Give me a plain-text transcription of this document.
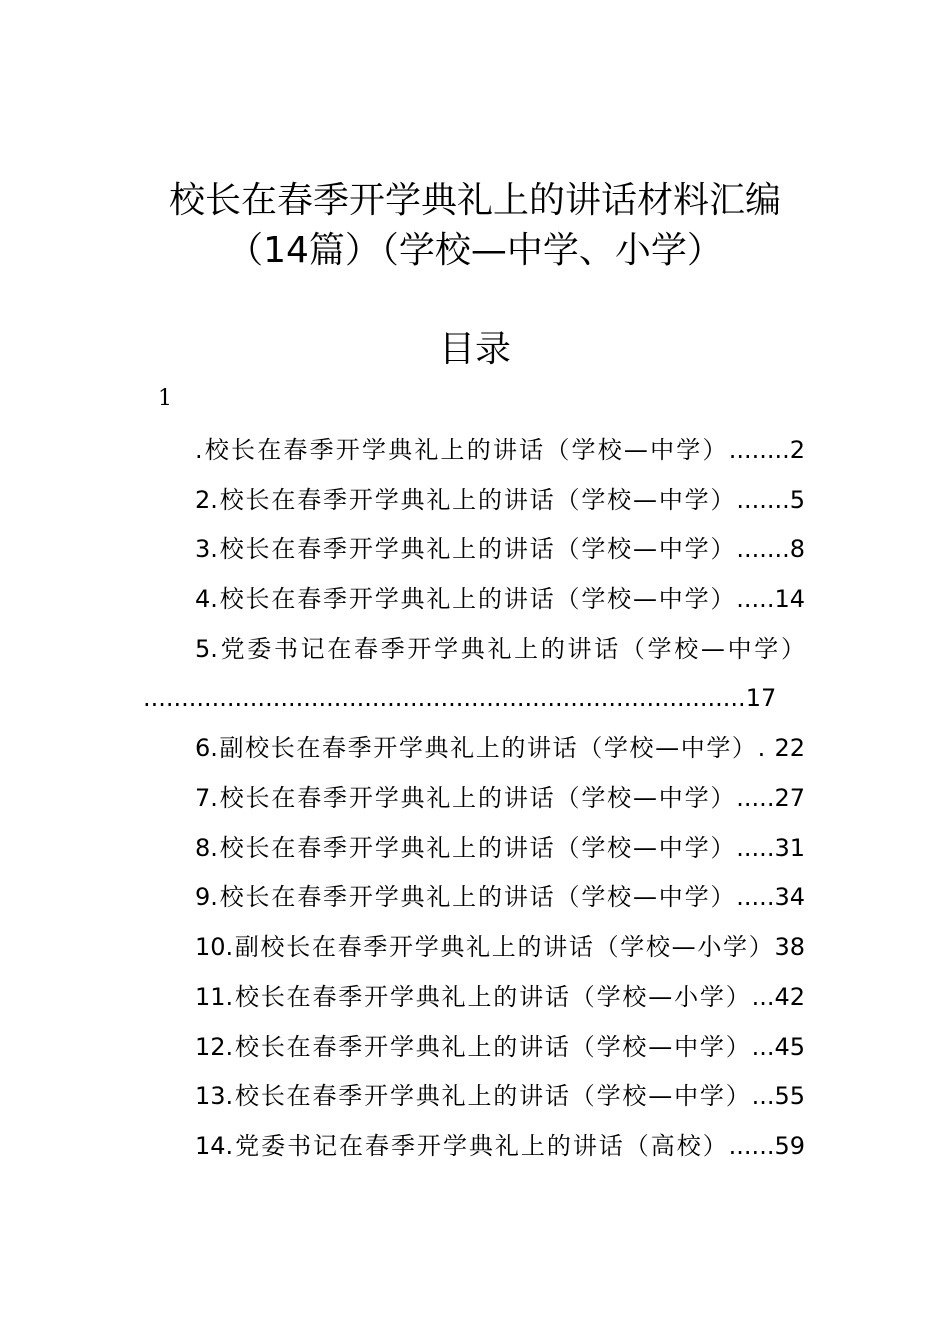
校长在春季开学典礼上的讲话材料汇编
（14篇）（学校—中学、小学）
目录
1
.校长在春季开学典礼上的讲话（学校—中学）........2
2.校长在春季开学典礼上的讲话（学校—中学）.......5
3.校长在春季开学典礼上的讲话（学校—中学）.......8
4.校长在春季开学典礼上的讲话（学校—中学）.....14
5.党委书记在春季开学典礼上的讲话（学校—中学）
...............................................................................17
6.副校长在春季开学典礼上的讲话（学校—中学）. 22
7.校长在春季开学典礼上的讲话（学校—中学）.....27
8.校长在春季开学典礼上的讲话（学校—中学）.....31
9.校长在春季开学典礼上的讲话（学校—中学）.....34
10.副校长在春季开学典礼上的讲话（学校—小学）38
11.校长在春季开学典礼上的讲话（学校—小学）...42
12.校长在春季开学典礼上的讲话（学校—中学）...45
13.校长在春季开学典礼上的讲话（学校—中学）...55
14.党委书记在春季开学典礼上的讲话（高校）......59
